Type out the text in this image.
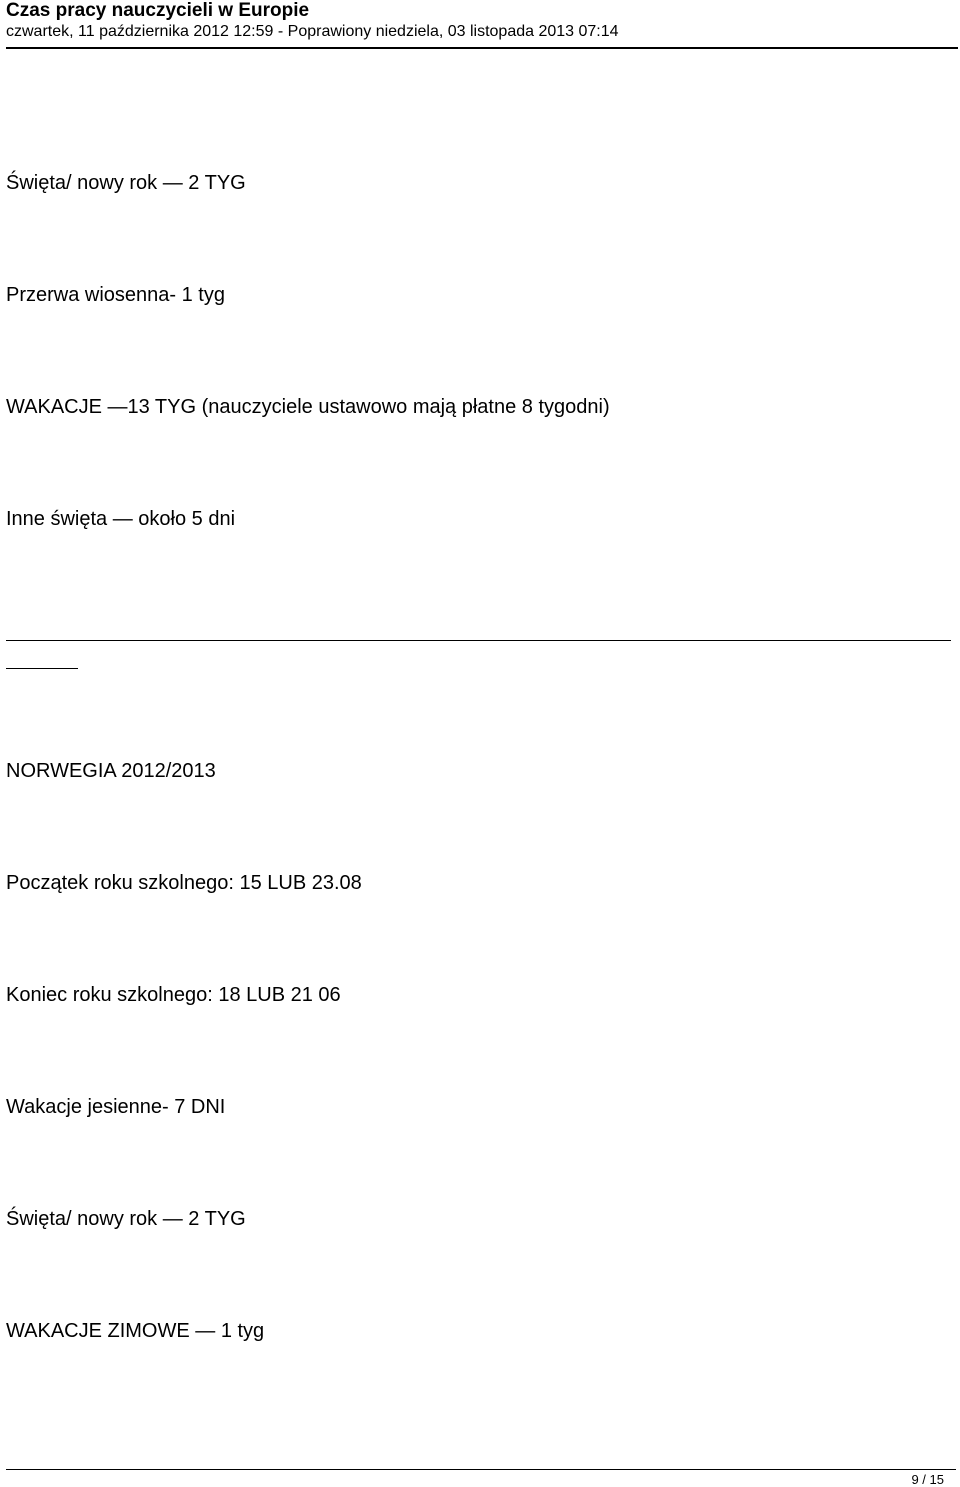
Czas pracy nauczycieli w Europie
czwartek, 11 października 2012 12:59 - Poprawiony niedziela, 03 listopada 2013 07:14
Święta/ nowy rok — 2 TYG
Przerwa wiosenna- 1 tyg
WAKACJE —13 TYG (nauczyciele ustawowo mają płatne 8 tygodni)
Inne święta — około 5 dni
NORWEGIA 2012/2013
Początek roku szkolnego: 15 LUB 23.08
Koniec roku szkolnego: 18 LUB 21 06
Wakacje jesienne- 7 DNI
Święta/ nowy rok — 2 TYG
WAKACJE ZIMOWE — 1 tyg
9 / 15
